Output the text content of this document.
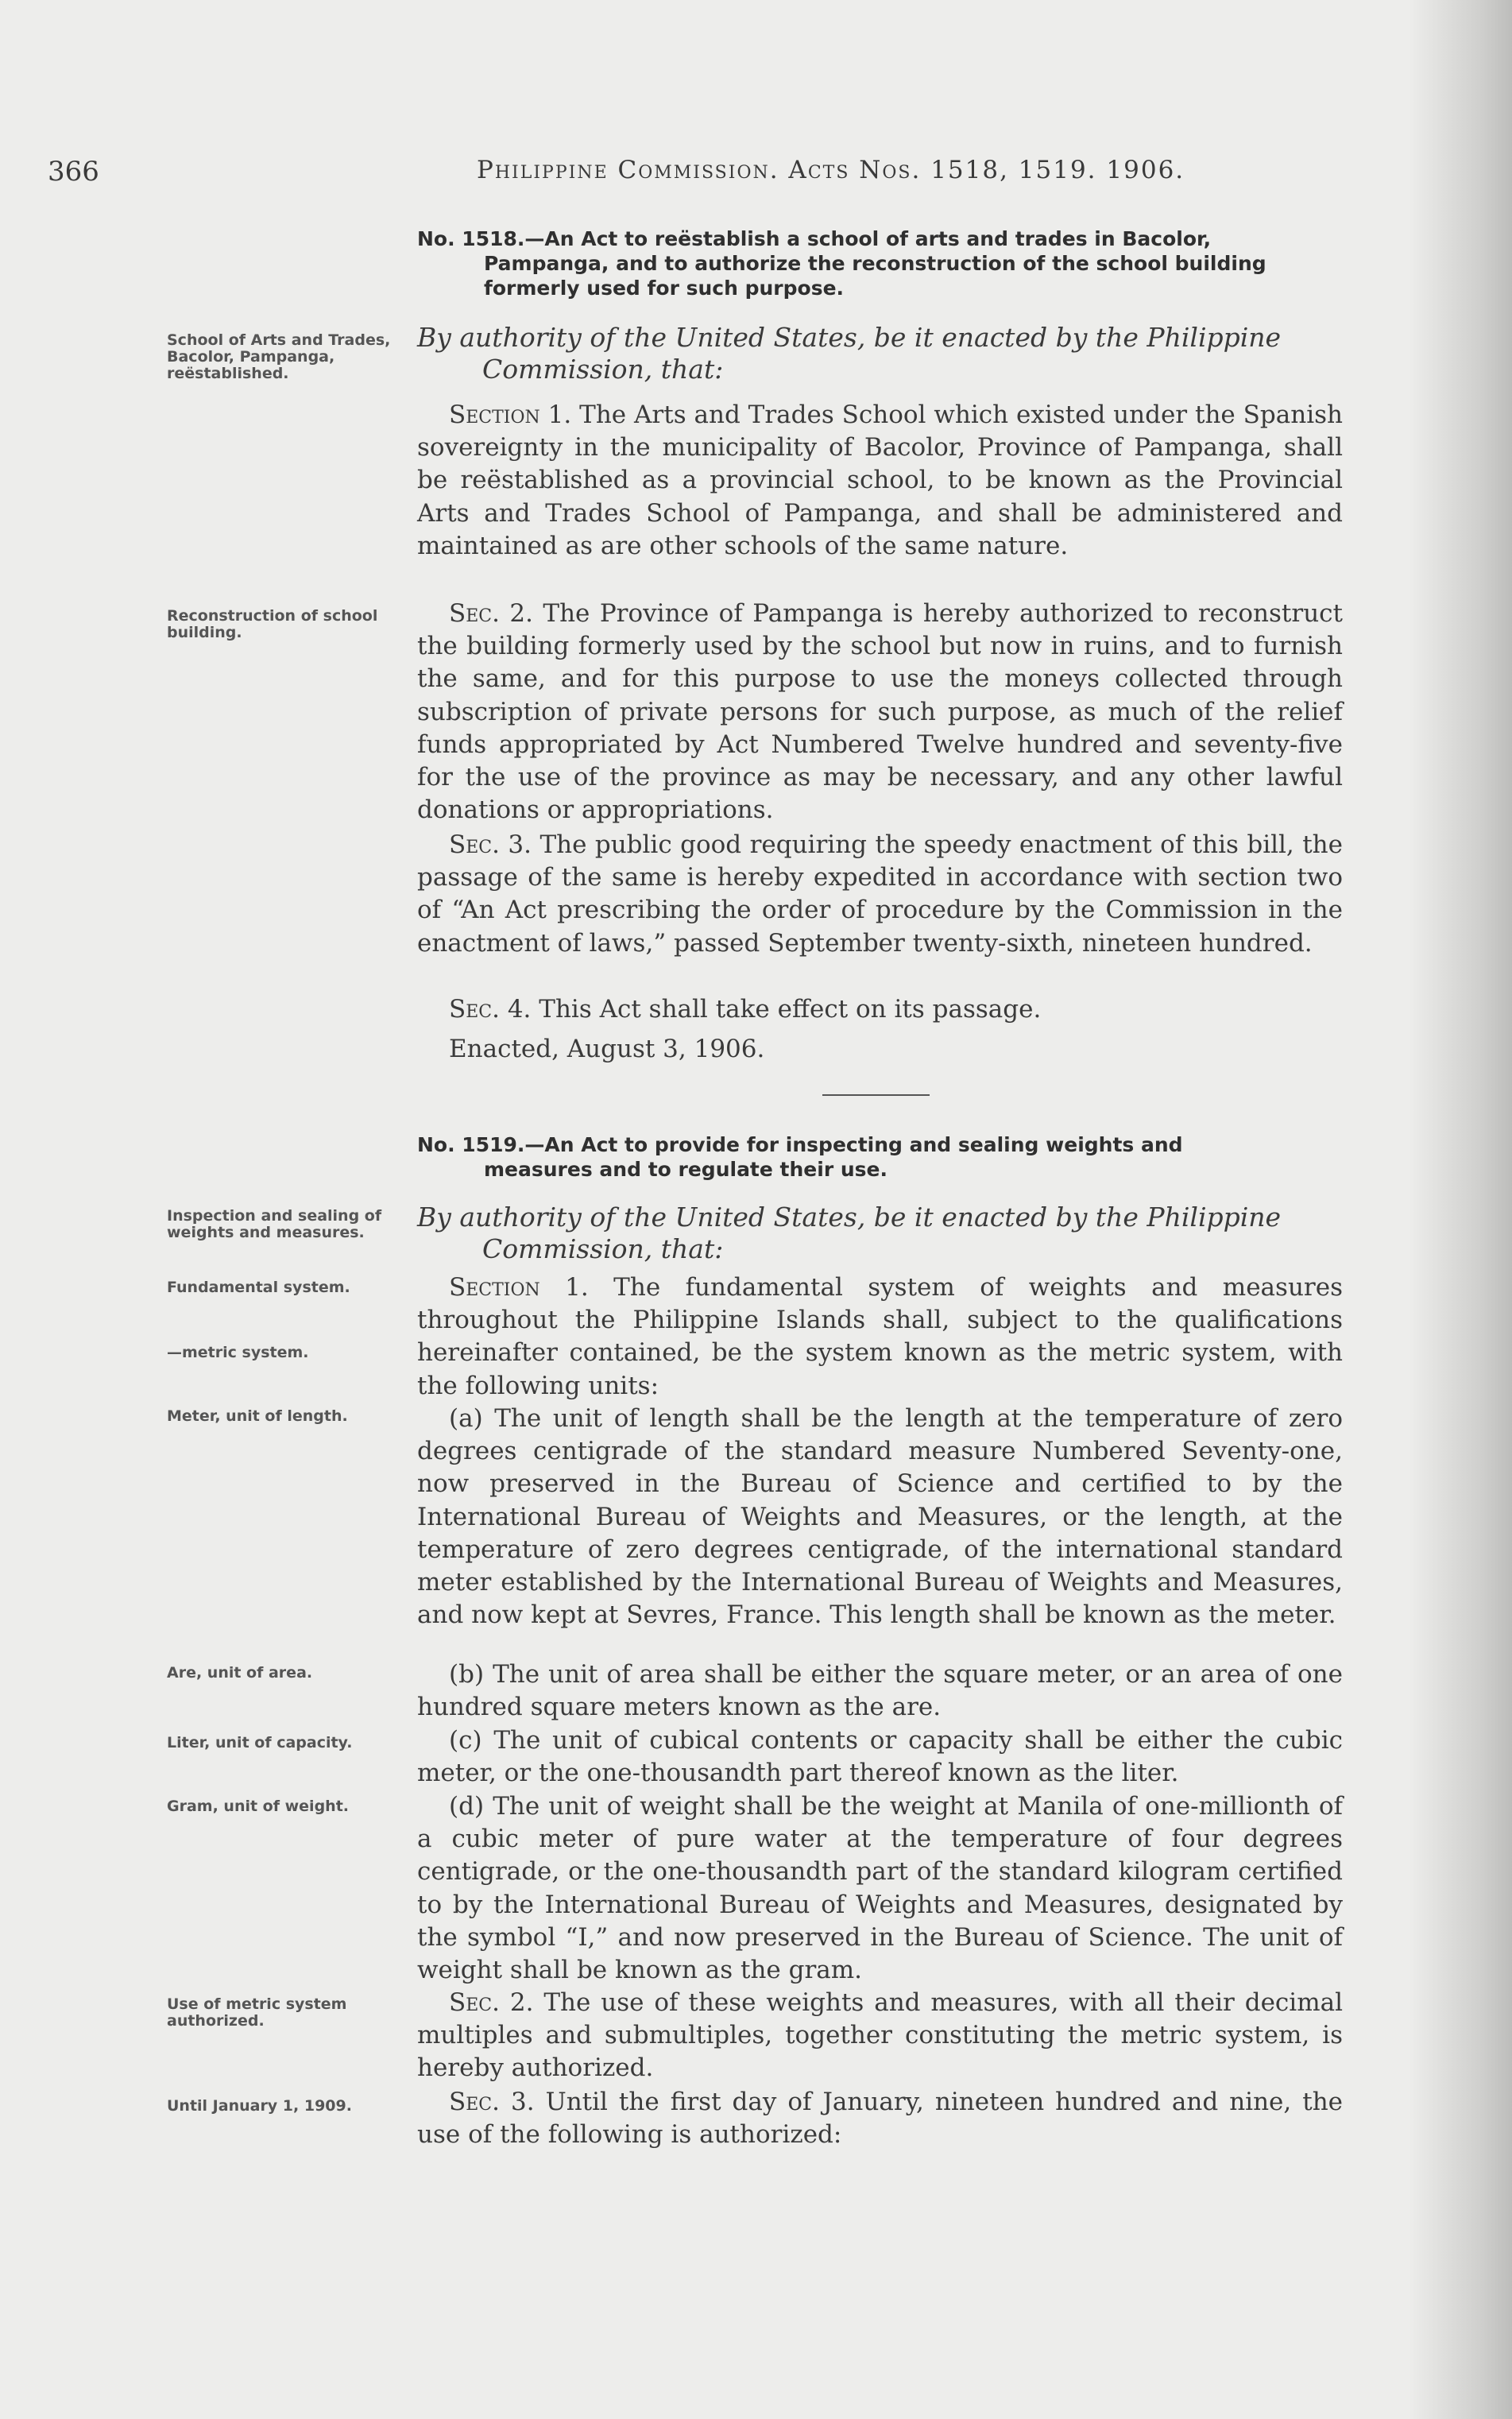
366	Philippine Commission. Acts Nos. 1518, 1519. 1906.
No. 1518.—An Act to reëstablish a school of arts and trades in Bacolor,
Pampanga, and to authorize the reconstruction of the school building formerly used for such purpose.
School of Arts and Trades, Bacolor, Pampanga, reëstablished.
By authority of the United States, be it enacted by the Philippine
Commission, that:

Section 1. The Arts and Trades School which existed under the Spanish sovereignty in the municipality of Bacolor, Province of Pampanga, shall be reëstablished as a provincial school, to be known as the Provincial Arts and Trades School of Pampanga, and shall be administered and maintained as are other schools of the same nature.

Reconstruction of school building.

Sec. 2. The Province of Pampanga is hereby authorized to reconstruct the building formerly used by the school but now in ruins, and to furnish the same, and for this purpose to use the moneys collected through subscription of private persons for such purpose, as much of the relief funds appropriated by Act Numbered Twelve hundred and seventy-five for the use of the province as may be necessary, and any other lawful donations or appropriations.

Sec. 3. The public good requiring the speedy enactment of this bill, the passage of the same is hereby expedited in accordance with section two of “An Act prescribing the order of procedure by the Commission in the enactment of laws,” passed September twenty-sixth, nineteen hundred.

Sec. 4. This Act shall take effect on its passage.

Enacted, August 3, 1906.

No. 1519.—An Act to provide for inspecting and sealing weights and
measures and to regulate their use.
Inspection and sealing of weights and measures.	By authority of the United States, be it enacted by the Philippine
Commission, that:
Fundamental system.
—metric system.

Section 1. The fundamental system of weights and measures throughout the Philippine Islands shall, subject to the qualifications hereinafter contained, be the system known as the metric system, with the following units:

Meter, unit of length.	(a) The unit of length shall be the length at the temperature of zero degrees centigrade of the standard measure Numbered Seventy-one, now preserved in the Bureau of Science and certified to by the International Bureau of Weights and Measures, or the length, at the temperature of zero degrees centigrade, of the international standard meter established by the International Bureau of Weights and Measures, and now kept at Sevres, France. This length shall be known as the meter.

Are, unit of area.	(b) The unit of area shall be either the square meter, or an area of one hundred square meters known as the are.

Liter, unit of capacity.	(c) The unit of cubical contents or capacity shall be either the cubic meter, or the one-thousandth part thereof known as the liter.

Gram, unit of weight.	(d) The unit of weight shall be the weight at Manila of one-millionth of a cubic meter of pure water at the temperature of four degrees centigrade, or the one-thousandth part of the standard kilogram certified to by the International Bureau of Weights and Measures, designated by the symbol “I,” and now preserved in the Bureau of Science. The unit of weight shall be known as the gram.

Use of metric system authorized.

Sec. 2. The use of these weights and measures, with all their decimal multiples and submultiples, together constituting the metric system, is hereby authorized.

Until January 1, 1909.	Sec. 3. Until the first day of January, nineteen hundred and nine, the use of the following is authorized:
